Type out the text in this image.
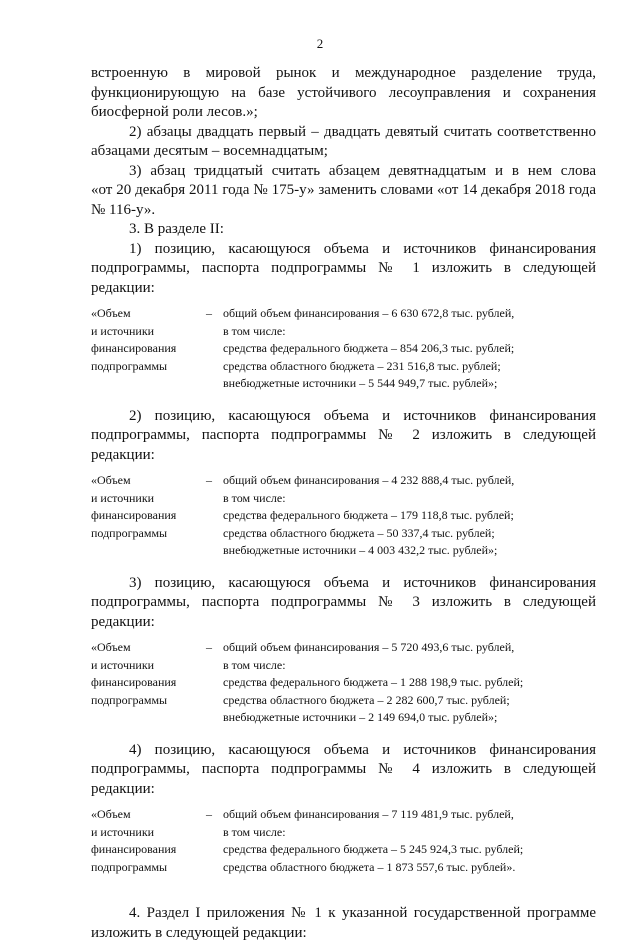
2

встроенную в мировой рынок и международное разделение труда,

функционирующую на базе устойчивого лесоуправления и сохранения

биосферной роли лесов.»;

2) абзацы двадцать первый – двадцать девятый считать соответственно

абзацами десятым – восемнадцатым;

3) абзац тридцатый считать абзацем девятнадцатым и в нем слова

«от 20 декабря 2011 года № 175-у» заменить словами «от 14 декабря 2018 года

№ 116-у».

3. В разделе II:

1) позицию, касающуюся объема и источников финансирования

подпрограммы, паспорта подпрограммы № 1 изложить в следующей редакции:

«Объем
и источники
финансирования
подпрограммы
– общий объем финансирования – 6 630 672,8 тыс. рублей,
в том числе:
средства федерального бюджета – 854 206,3 тыс. рублей;
средства областного бюджета – 231 516,8 тыс. рублей;
внебюджетные источники – 5 544 949,7 тыс. рублей»;

2) позицию, касающуюся объема и источников финансирования

подпрограммы, паспорта подпрограммы № 2 изложить в следующей редакции:

«Объем
и источники
финансирования
подпрограммы
– общий объем финансирования – 4 232 888,4 тыс. рублей,
в том числе:
средства федерального бюджета – 179 118,8 тыс. рублей;
средства областного бюджета – 50 337,4 тыс. рублей;
внебюджетные источники – 4 003 432,2 тыс. рублей»;

3) позицию, касающуюся объема и источников финансирования

подпрограммы, паспорта подпрограммы № 3 изложить в следующей редакции:

«Объем
и источники
финансирования
подпрограммы
– общий объем финансирования – 5 720 493,6 тыс. рублей,
в том числе:
средства федерального бюджета – 1 288 198,9 тыс. рублей;
средства областного бюджета – 2 282 600,7 тыс. рублей;
внебюджетные источники – 2 149 694,0 тыс. рублей»;

4) позицию, касающуюся объема и источников финансирования

подпрограммы, паспорта подпрограммы № 4 изложить в следующей редакции:

«Объем
и источники
финансирования
подпрограммы
– общий объем финансирования – 7 119 481,9 тыс. рублей,
в том числе:
средства федерального бюджета – 5 245 924,3 тыс. рублей;
средства областного бюджета – 1 873 557,6 тыс. рублей».

4. Раздел I приложения № 1 к указанной государственной программе

изложить в следующей редакции:
